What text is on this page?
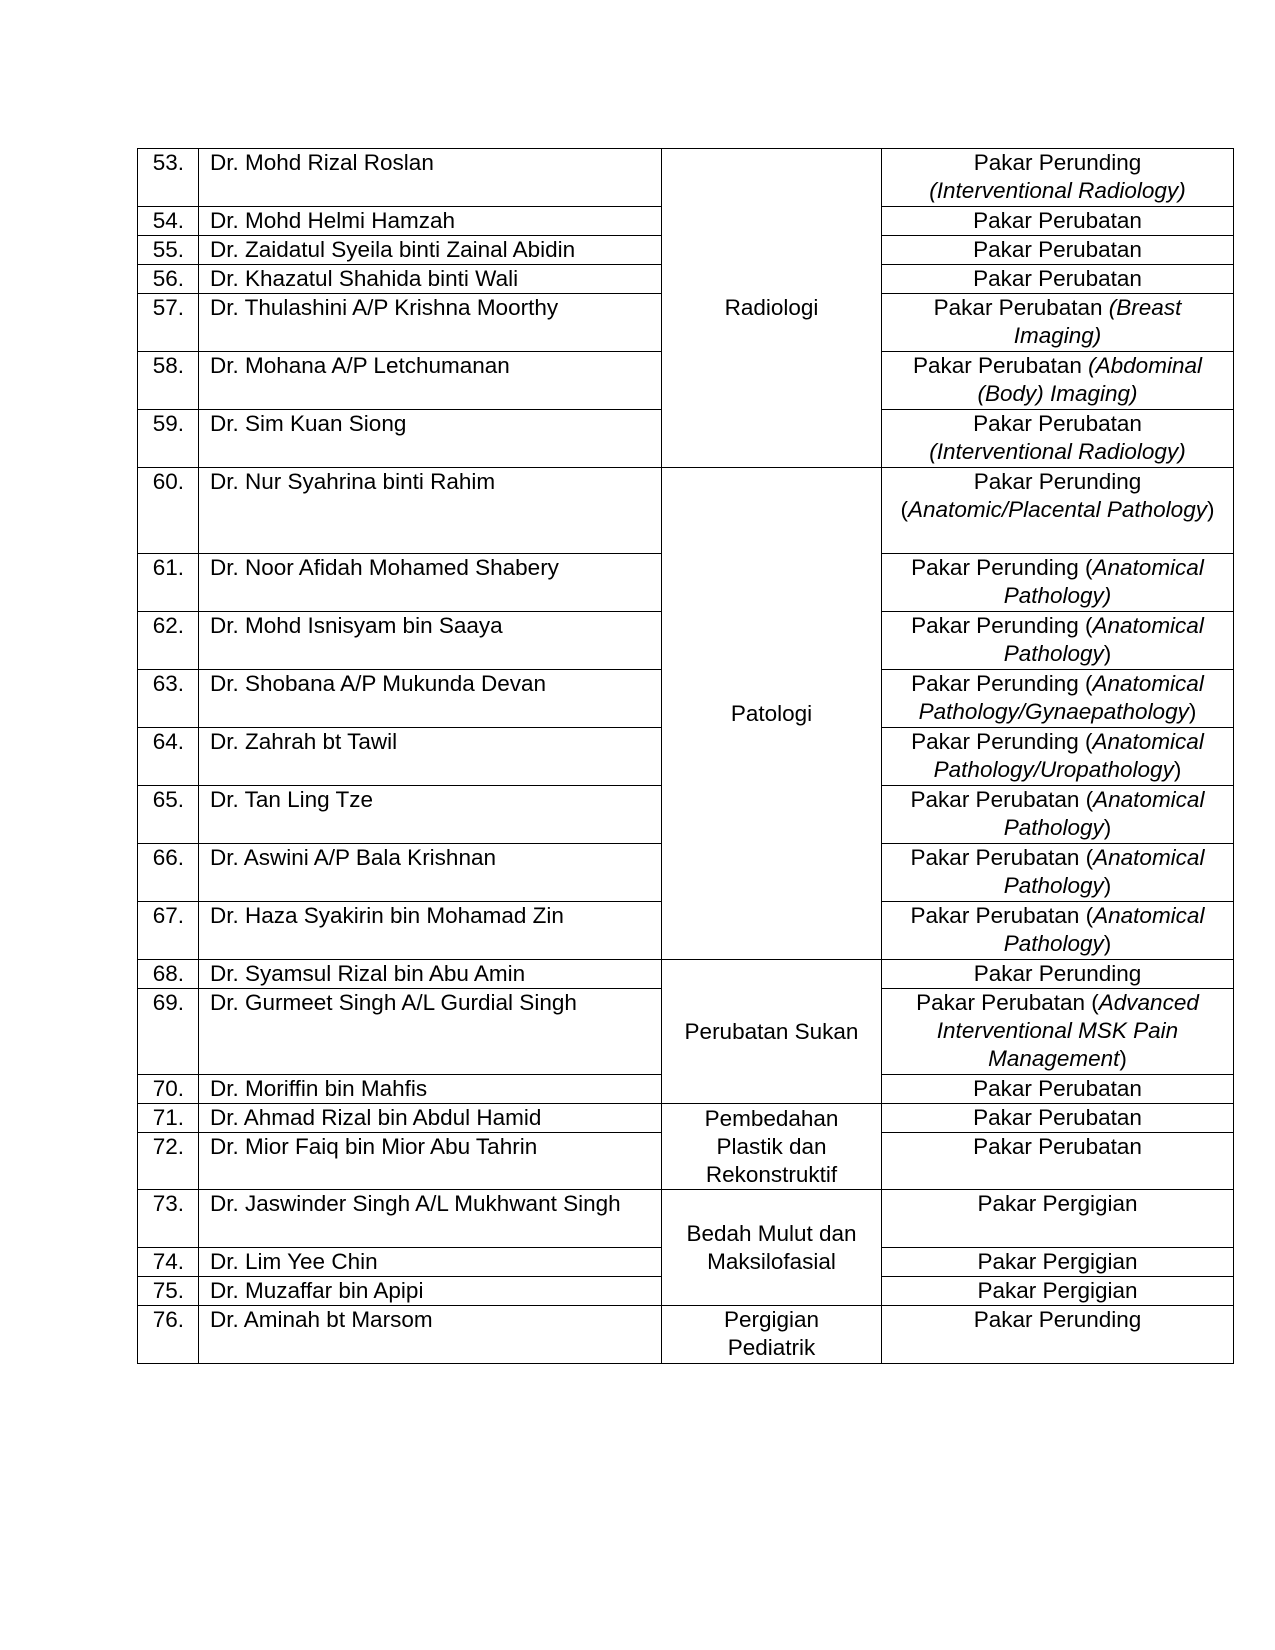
53.	Dr. Mohd Rizal Roslan	Radiologi	Pakar Perunding
(Interventional Radiology)
54.	Dr. Mohd Helmi Hamzah		Pakar Perubatan
55.	Dr. Zaidatul Syeila binti Zainal Abidin		Pakar Perubatan
56.	Dr. Khazatul Shahida binti Wali		Pakar Perubatan
57.	Dr. Thulashini A/P Krishna Moorthy		Pakar Perubatan (Breast Imaging)
58.	Dr. Mohana A/P Letchumanan		Pakar Perubatan (Abdominal (Body) Imaging)
59.	Dr. Sim Kuan Siong		Pakar Perubatan
(Interventional Radiology)
60.	Dr. Nur Syahrina binti Rahim	Patologi	Pakar Perunding (Anatomic/Placental Pathology)
61.	Dr. Noor Afidah Mohamed Shabery		Pakar Perunding (Anatomical Pathology)
62.	Dr. Mohd Isnisyam bin Saaya		Pakar Perunding (Anatomical Pathology)
63.	Dr. Shobana A/P Mukunda Devan		Pakar Perunding (Anatomical Pathology/Gynaepathology)
64.	Dr. Zahrah bt Tawil		Pakar Perunding (Anatomical Pathology/Uropathology)
65.	Dr. Tan Ling Tze		Pakar Perubatan (Anatomical Pathology)
66.	Dr. Aswini A/P Bala Krishnan		Pakar Perubatan (Anatomical Pathology)
67.	Dr. Haza Syakirin bin Mohamad Zin		Pakar Perubatan (Anatomical Pathology)
68.	Dr. Syamsul Rizal bin Abu Amin	Perubatan Sukan	Pakar Perunding
69.	Dr. Gurmeet Singh A/L Gurdial Singh		Pakar Perubatan (Advanced Interventional MSK Pain Management)
70.	Dr. Moriffin bin Mahfis		Pakar Perubatan
71.	Dr. Ahmad Rizal bin Abdul Hamid	Pembedahan Plastik dan Rekonstruktif	Pakar Perubatan
72.	Dr. Mior Faiq bin Mior Abu Tahrin		Pakar Perubatan
73.	Dr. Jaswinder Singh A/L Mukhwant Singh	Bedah Mulut dan Maksilofasial	Pakar Pergigian
74.	Dr. Lim Yee Chin		Pakar Pergigian
75.	Dr. Muzaffar bin Apipi		Pakar Pergigian
76.	Dr. Aminah bt Marsom	Pergigian Pediatrik	Pakar Perunding
